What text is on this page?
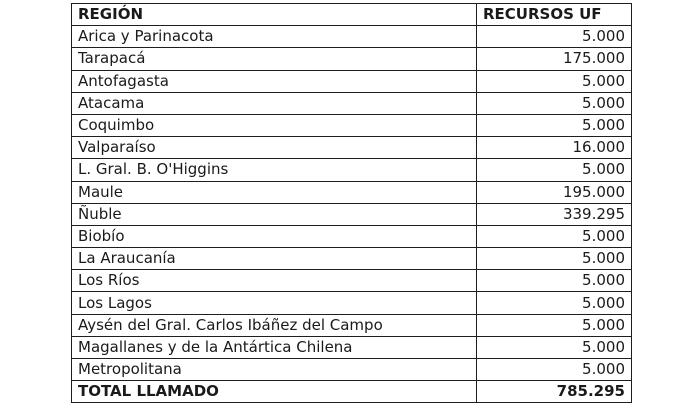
REGIÓN	RECURSOS UF
Arica y Parinacota	5.000
Tarapacá	175.000
Antofagasta	5.000
Atacama	5.000
Coquimbo	5.000
Valparaíso	16.000
L. Gral. B. O'Higgins	5.000
Maule	195.000
Ñuble	339.295
Biobío	5.000
La Araucanía	5.000
Los Ríos	5.000
Los Lagos	5.000
Aysén del Gral. Carlos Ibáñez del Campo	5.000
Magallanes y de la Antártica Chilena	5.000
Metropolitana	5.000
TOTAL LLAMADO	785.295
